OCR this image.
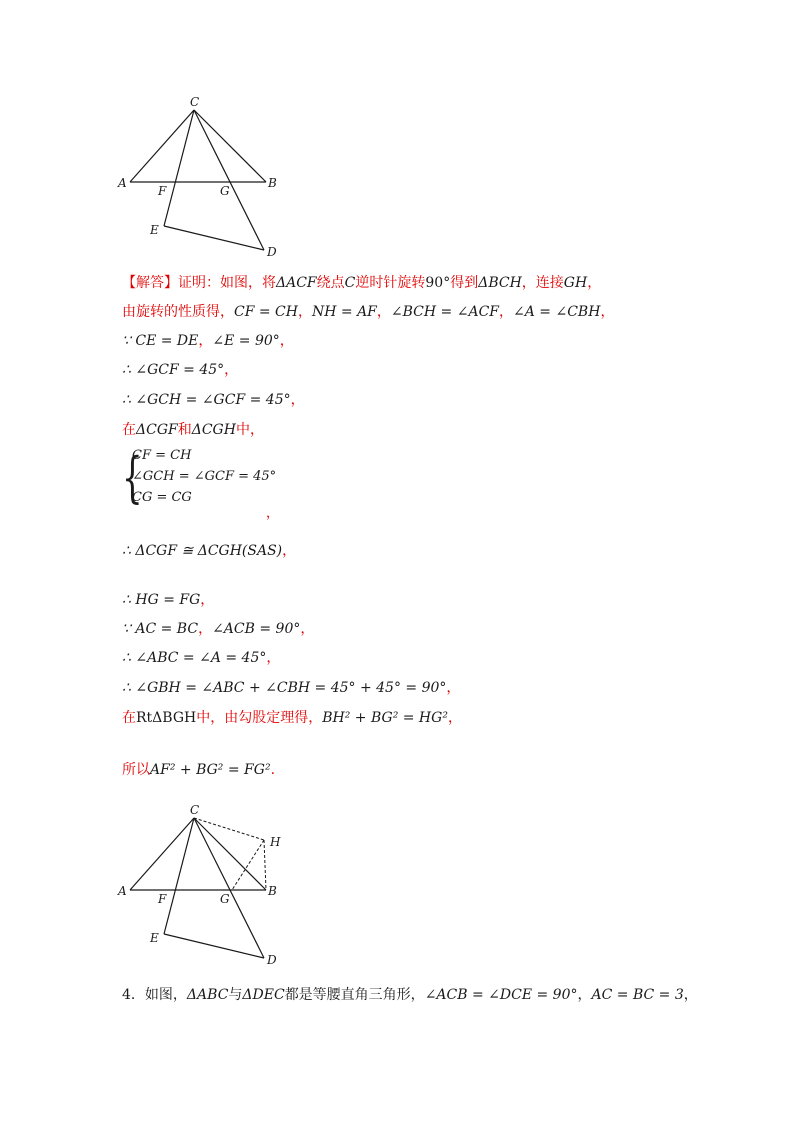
C
A	B
F	G
E
D
【解答】证明：如图，将ΔACF绕点C逆时针旋转90°得到ΔBCH，连接GH，
由旋转的性质得，CF = CH，NH = AF，∠BCH = ∠ACF，∠A = ∠CBH，
∵ CE = DE，∠E = 90°，
∴ ∠GCF = 45°，
∴ ∠GCH = ∠GCF = 45°，
在ΔCGF和ΔCGH中，
{
CF = CH
∠GCH = ∠GCF = 45°
CG = CG
，
∴ ΔCGF ≅ ΔCGH(SAS)，
∴ HG = FG，
∵ AC = BC，∠ACB = 90°，
∴ ∠ABC = ∠A = 45°，
∴ ∠GBH = ∠ABC + ∠CBH = 45° + 45° = 90°，
在RtΔBGH中，由勾股定理得，BH² + BG² = HG²，
所以AF² + BG² = FG².
C
H
A	B
F	G
E
D
4．如图，ΔABC与ΔDEC都是等腰直角三角形，∠ACB = ∠DCE = 90°，AC = BC = 3，
